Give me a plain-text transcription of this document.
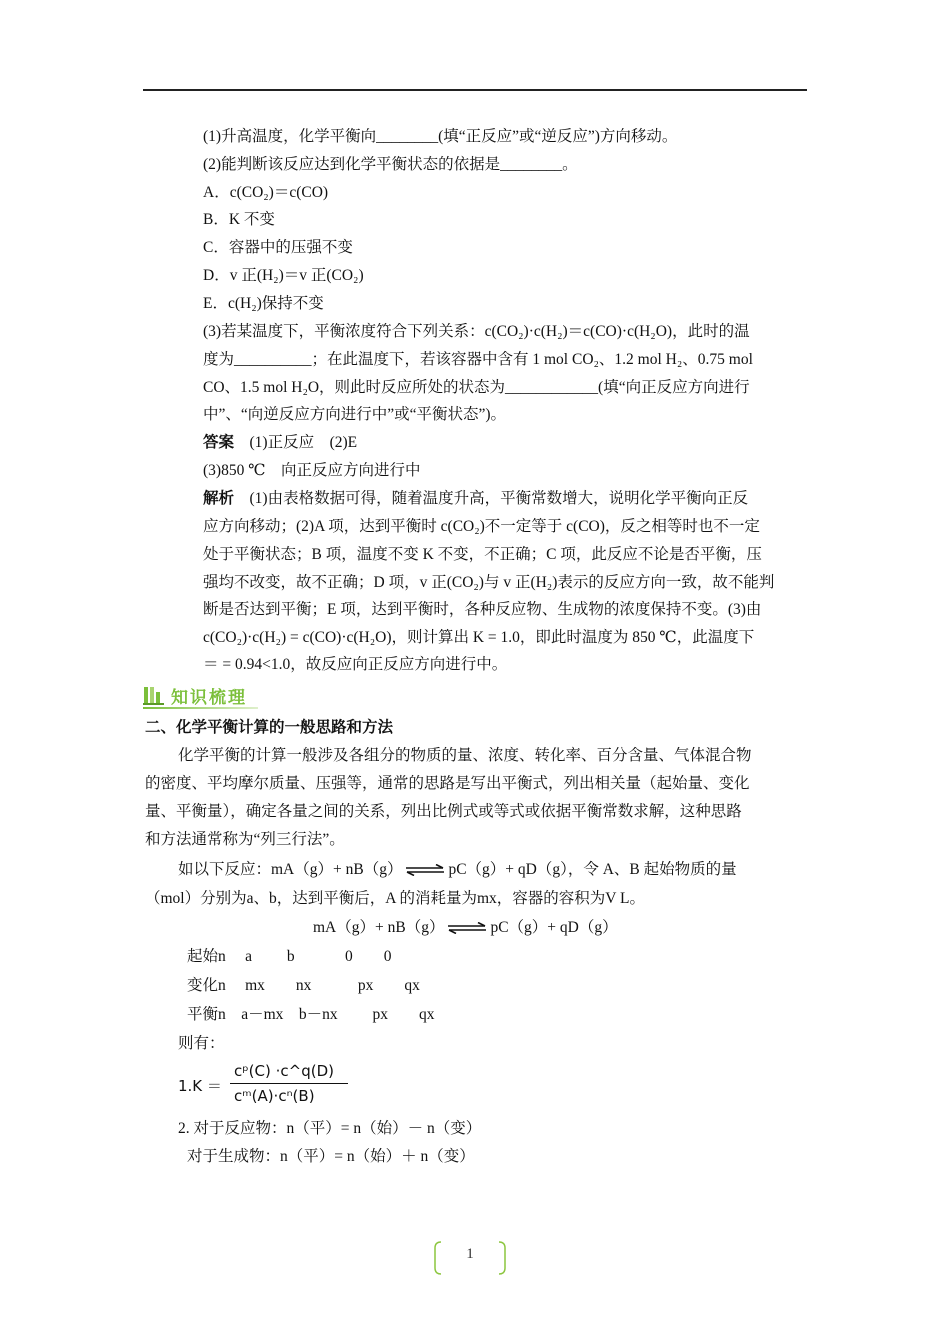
(1)升高温度，化学平衡向________(填“正反应”或“逆反应”)方向移动。
(2)能判断该反应达到化学平衡状态的依据是________。
A．c(CO₂)＝c(CO)
B．K 不变
C．容器中的压强不变
D．v 正(H₂)＝v 正(CO₂)
E．c(H₂)保持不变
(3)若某温度下，平衡浓度符合下列关系：c(CO₂)·c(H₂)＝c(CO)·c(H₂O)，此时的温
度为__________；在此温度下，若该容器中含有 1 mol CO₂、1.2 mol H₂、0.75 mol
CO、1.5 mol H₂O，则此时反应所处的状态为____________(填“向正反应方向进行
中”、“向逆反应方向进行中”或“平衡状态”)。
答案　(1)正反应　(2)E
(3)850 ℃　向正反应方向进行中
解析　(1)由表格数据可得，随着温度升高，平衡常数增大，说明化学平衡向正反
应方向移动；(2)A 项，达到平衡时 c(CO₂)不一定等于 c(CO)，反之相等时也不一定
处于平衡状态；B 项，温度不变 K 不变，不正确；C 项，此反应不论是否平衡，压
强均不改变，故不正确；D 项，v 正(CO₂)与 v 正(H₂)表示的反应方向一致，故不能判
断是否达到平衡；E 项，达到平衡时，各种反应物、生成物的浓度保持不变。(3)由
c(CO₂)·c(H₂) = c(CO)·c(H₂O)，则计算出 K = 1.0，即此时温度为 850 ℃，此温度下
＝ = 0.94<1.0，故反应向正反应方向进行中。
知识梳理
二、化学平衡计算的一般思路和方法
化学平衡的计算一般涉及各组分的物质的量、浓度、转化率、百分含量、气体混合物
的密度、平均摩尔质量、压强等，通常的思路是写出平衡式，列出相关量（起始量、变化
量、平衡量），确定各量之间的关系，列出比例式或等式或依据平衡常数求解，这种思路
和方法通常称为“列三行法”。
如以下反应：mA（g）+ nB（g） ⇌ pC（g）+ qD（g），令 A、B 起始物质的量
（mol）分别为a、b，达到平衡后，A 的消耗量为mx，容器的容积为V L。
mA（g）+ nB（g） ⇌ pC（g）+ qD（g）
起始n　 a　　 b　　　 0　　0
变化n　 mx　　nx　　　px　　qx
平衡n　a－mx　b－nx　　 px　　qx
则有：
1.K ＝
cᵖ(C) ·c^q(D)
cᵐ(A)·cⁿ(B)
2. 对于反应物：n（平）= n（始）－ n（变）
对于生成物：n（平）= n（始）＋ n（变）
1
